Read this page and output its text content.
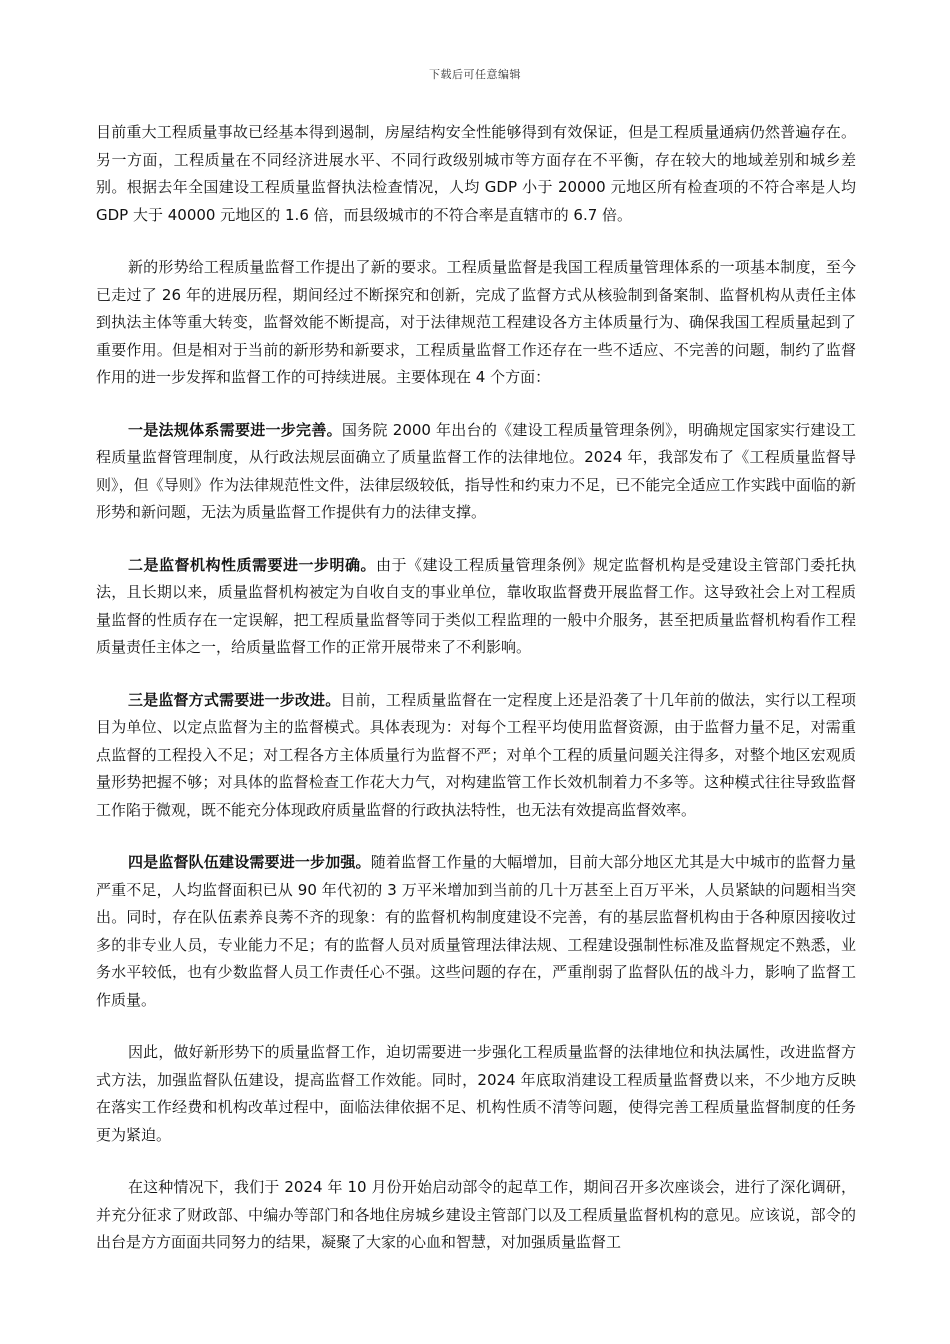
下载后可任意编辑

目前重大工程质量事故已经基本得到遏制，房屋结构安全性能够得到有效保证，但是工程质量通病仍然普遍存在。另一方面，工程质量在不同经济进展水平、不同行政级别城市等方面存在不平衡，存在较大的地域差别和城乡差别。根据去年全国建设工程质量监督执法检查情况，人均 GDP 小于 20000 元地区所有检查项的不符合率是人均 GDP 大于 40000 元地区的 1.6 倍，而县级城市的不符合率是直辖市的 6.7 倍。

新的形势给工程质量监督工作提出了新的要求。工程质量监督是我国工程质量管理体系的一项基本制度，至今已走过了 26 年的进展历程，期间经过不断探究和创新，完成了监督方式从核验制到备案制、监督机构从责任主体到执法主体等重大转变，监督效能不断提高，对于法律规范工程建设各方主体质量行为、确保我国工程质量起到了重要作用。但是相对于当前的新形势和新要求，工程质量监督工作还存在一些不适应、不完善的问题，制约了监督作用的进一步发挥和监督工作的可持续进展。主要体现在 4 个方面：

一是法规体系需要进一步完善。国务院 2000 年出台的《建设工程质量管理条例》，明确规定国家实行建设工程质量监督管理制度，从行政法规层面确立了质量监督工作的法律地位。2024 年，我部发布了《工程质量监督导则》，但《导则》作为法律规范性文件，法律层级较低，指导性和约束力不足，已不能完全适应工作实践中面临的新形势和新问题，无法为质量监督工作提供有力的法律支撑。

二是监督机构性质需要进一步明确。由于《建设工程质量管理条例》规定监督机构是受建设主管部门委托执法，且长期以来，质量监督机构被定为自收自支的事业单位，靠收取监督费开展监督工作。这导致社会上对工程质量监督的性质存在一定误解，把工程质量监督等同于类似工程监理的一般中介服务，甚至把质量监督机构看作工程质量责任主体之一，给质量监督工作的正常开展带来了不利影响。

三是监督方式需要进一步改进。目前，工程质量监督在一定程度上还是沿袭了十几年前的做法，实行以工程项目为单位、以定点监督为主的监督模式。具体表现为：对每个工程平均使用监督资源，由于监督力量不足，对需重点监督的工程投入不足；对工程各方主体质量行为监督不严；对单个工程的质量问题关注得多，对整个地区宏观质量形势把握不够；对具体的监督检查工作花大力气，对构建监管工作长效机制着力不多等。这种模式往往导致监督工作陷于微观，既不能充分体现政府质量监督的行政执法特性，也无法有效提高监督效率。

四是监督队伍建设需要进一步加强。随着监督工作量的大幅增加，目前大部分地区尤其是大中城市的监督力量严重不足，人均监督面积已从 90 年代初的 3 万平米增加到当前的几十万甚至上百万平米，人员紧缺的问题相当突出。同时，存在队伍素养良莠不齐的现象：有的监督机构制度建设不完善，有的基层监督机构由于各种原因接收过多的非专业人员，专业能力不足；有的监督人员对质量管理法律法规、工程建设强制性标准及监督规定不熟悉，业务水平较低，也有少数监督人员工作责任心不强。这些问题的存在，严重削弱了监督队伍的战斗力，影响了监督工作质量。

因此，做好新形势下的质量监督工作，迫切需要进一步强化工程质量监督的法律地位和执法属性，改进监督方式方法，加强监督队伍建设，提高监督工作效能。同时，2024 年底取消建设工程质量监督费以来，不少地方反映在落实工作经费和机构改革过程中，面临法律依据不足、机构性质不清等问题，使得完善工程质量监督制度的任务更为紧迫。

在这种情况下，我们于 2024 年 10 月份开始启动部令的起草工作，期间召开多次座谈会，进行了深化调研，并充分征求了财政部、中编办等部门和各地住房城乡建设主管部门以及工程质量监督机构的意见。应该说，部令的出台是方方面面共同努力的结果，凝聚了大家的心血和智慧，对加强质量监督工
